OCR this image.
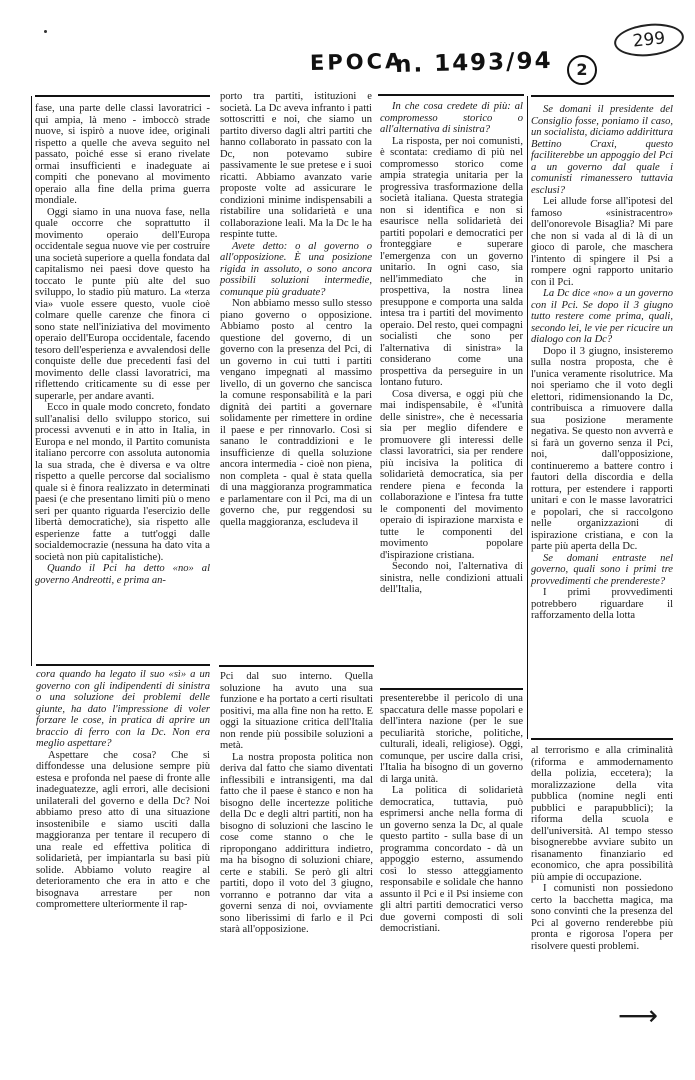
EPOCA
n. 1493/94	2
299

fase, una parte delle classi lavoratrici - qui ampia, là meno - imboccò strade nuove, si ispirò a nuove idee, originali rispetto a quelle che aveva seguito nel passato, poiché esse si erano rivelate ormai insufficienti e inadeguate ai compiti che ponevano al movimento operaio alla fine della prima guerra mondiale.

Oggi siamo in una nuova fase, nella quale occorre che soprattutto il movimento operaio dell'Europa occidentale segua nuove vie per costruire una società superiore a quella fondata dal capitalismo nei paesi dove questo ha toccato le punte più alte del suo sviluppo, lo stadio più maturo. La «terza via» vuole essere questo, vuole cioè colmare quelle carenze che finora ci sono state nell'iniziativa del movimento operaio dell'Europa occidentale, facendo tesoro dell'esperienza e avvalendosi delle conquiste delle due precedenti fasi del movimento delle classi lavoratrici, ma riflettendo criticamente su di esse per superarle, per andare avanti.

Ecco in quale modo concreto, fondato sull'analisi dello sviluppo storico, sui processi avvenuti e in atto in Italia, in Europa e nel mondo, il Partito comunista italiano percorre con assoluta autonomia la sua strada, che è diversa e va oltre rispetto a quelle percorse dal socialismo quale si è finora realizzato in determinati paesi (e che presentano limiti più o meno seri per quanto riguarda l'esercizio delle libertà democratiche), sia rispetto alle esperienze fatte a tutt'oggi dalle socialdemocrazie (nessuna ha dato vita a società non più capitalistiche).

Quando il Pci ha detto «no» al governo Andreotti, e prima an-

porto tra partiti, istituzioni e società. La Dc aveva infranto i patti sottoscritti e noi, che siamo un partito diverso dagli altri partiti che hanno collaborato in passato con la Dc, non potevamo subire passivamente le sue pretese e i suoi ricatti. Abbiamo avanzato varie proposte volte ad assicurare le condizioni minime indispensabili a ristabilire una solidarietà e una collaborazione leali. Ma la Dc le ha respinte tutte.

Avete detto: o al governo o all'opposizione. È una posizione rigida in assoluto, o sono ancora possibili soluzioni intermedie, comunque più graduate?

Non abbiamo messo sullo stesso piano governo o opposizione. Abbiamo posto al centro la questione del governo, di un governo con la presenza del Pci, di un governo in cui tutti i partiti vengano impegnati al massimo livello, di un governo che sancisca la comune responsabilità e la pari dignità dei partiti a governare solidamente per rimettere in ordine il paese e per rinnovarlo. Così si sanano le contraddizioni e le insufficienze di quella soluzione ancora intermedia - cioè non piena, non completa - qual è stata quella di una maggioranza programmatica e parlamentare con il Pci, ma di un governo che, pur reggendosi su quella maggioranza, escludeva il

In che cosa credete di più: al compromesso storico o all'alternativa di sinistra?

La risposta, per noi comunisti, è scontata: crediamo di più nel compromesso storico come ampia strategia unitaria per la progressiva trasformazione della società italiana. Questa strategia non si identifica e non si esaurisce nella solidarietà dei partiti popolari e democratici per fronteggiare e superare l'emergenza con un governo unitario. In ogni caso, sia nell'immediato che in prospettiva, la nostra linea presuppone e comporta una salda intesa tra i partiti del movimento operaio. Del resto, quei compagni socialisti che sono per l'alternativa di sinistra» la considerano come una prospettiva da perseguire in un lontano futuro.

Cosa diversa, e oggi più che mai indispensabile, è «l'unità delle sinistre», che è necessaria sia per meglio difendere e promuovere gli interessi delle classi lavoratrici, sia per rendere più incisiva la politica di solidarietà democratica, sia per rendere piena e feconda la collaborazione e l'intesa fra tutte le componenti del movimento operaio di ispirazione marxista e tutte le componenti del movimento popolare d'ispirazione cristiana.

Secondo noi, l'alternativa di sinistra, nelle condizioni attuali dell'Italia,

Se domani il presidente del Consiglio fosse, poniamo il caso, un socialista, diciamo addirittura Bettino Craxi, questo faciliterebbe un appoggio del Pci a un governo dal quale i comunisti rimanessero tuttavia esclusi?

Lei allude forse all'ipotesi del famoso «sinistracentro» dell'onorevole Bisaglia? Mi pare che non si vada al di là di un gioco di parole, che maschera l'intento di spingere il Psi a rompere ogni rapporto unitario con il Pci.

La Dc dice «no» a un governo con il Pci. Se dopo il 3 giugno tutto restere come prima, quali, secondo lei, le vie per ricucire un dialogo con la Dc?

Dopo il 3 giugno, insisteremo sulla nostra proposta, che è l'unica veramente risolutrice. Ma noi speriamo che il voto degli elettori, ridimensionando la Dc, contribuisca a rimuovere dalla sua posizione meramente negativa. Se questo non avverrà e si farà un governo senza il Pci, noi, dall'opposizione, continueremo a battere contro i fautori della discordia e della rottura, per estendere i rapporti unitari e con le masse lavoratrici e popolari, che si raccolgono nelle organizzazioni di ispirazione cristiana, e con la parte più aperta della Dc.

Se domani entraste nel governo, quali sono i primi tre provvedimenti che prendereste?

I primi provvedimenti potrebbero riguardare il rafforzamento della lotta

cora quando ha legato il suo «sì» a un governo con gli indipendenti di sinistra o una soluzione dei problemi delle giunte, ha dato l'impressione di voler forzare le cose, in pratica di aprire un braccio di ferro con la Dc. Non era meglio aspettare?

Aspettare che cosa? Che si diffondesse una delusione sempre più estesa e profonda nel paese di fronte alle inadeguatezze, agli errori, alle decisioni unilaterali del governo e della Dc? Noi abbiamo preso atto di una situazione insostenibile e siamo usciti dalla maggioranza per tentare il recupero di una reale ed effettiva politica di solidarietà, per impiantarla su basi più solide. Abbiamo voluto reagire al deterioramento che era in atto e che bisognava arrestare per non compromettere ulteriormente il rap-

Pci dal suo interno. Quella soluzione ha avuto una sua funzione e ha portato a certi risultati positivi, ma alla fine non ha retto. E oggi la situazione critica dell'Italia non rende più possibile soluzioni a metà.

La nostra proposta politica non deriva dal fatto che siamo diventati inflessibili e intransigenti, ma dal fatto che il paese è stanco e non ha bisogno delle incertezze politiche della Dc e degli altri partiti, non ha bisogno di soluzioni che lascino le cose come stanno o che le ripropongano addirittura indietro, ma ha bisogno di soluzioni chiare, certe e stabili. Se però gli altri partiti, dopo il voto del 3 giugno, vorranno e potranno dar vita a governi senza di noi, ovviamente sono liberissimi di farlo e il Pci starà all'opposizione.

presenterebbe il pericolo di una spaccatura delle masse popolari e dell'intera nazione (per le sue peculiarità storiche, politiche, culturali, ideali, religiose). Oggi, comunque, per uscire dalla crisi, l'Italia ha bisogno di un governo di larga unità.

La politica di solidarietà democratica, tuttavia, può esprimersi anche nella forma di un governo senza la Dc, al quale questo partito - sulla base di un programma concordato - dà un appoggio esterno, assumendo così lo stesso atteggiamento responsabile e solidale che hanno assunto il Pci e il Psi insieme con gli altri partiti democratici verso due governi composti di soli democristiani.

al terrorismo e alla criminalità (riforma e ammodernamento della polizia, eccetera); la moralizzazione della vita pubblica (nomine negli enti pubblici e parapubblici); la riforma della scuola e dell'università. Al tempo stesso bisognerebbe avviare subito un risanamento finanziario ed economico, che apra possibilità più ampie di occupazione.

I comunisti non possiedono certo la bacchetta magica, ma sono convinti che la presenza del Pci al governo renderebbe più pronta e rigorosa l'opera per risolvere questi problemi.

⟶
